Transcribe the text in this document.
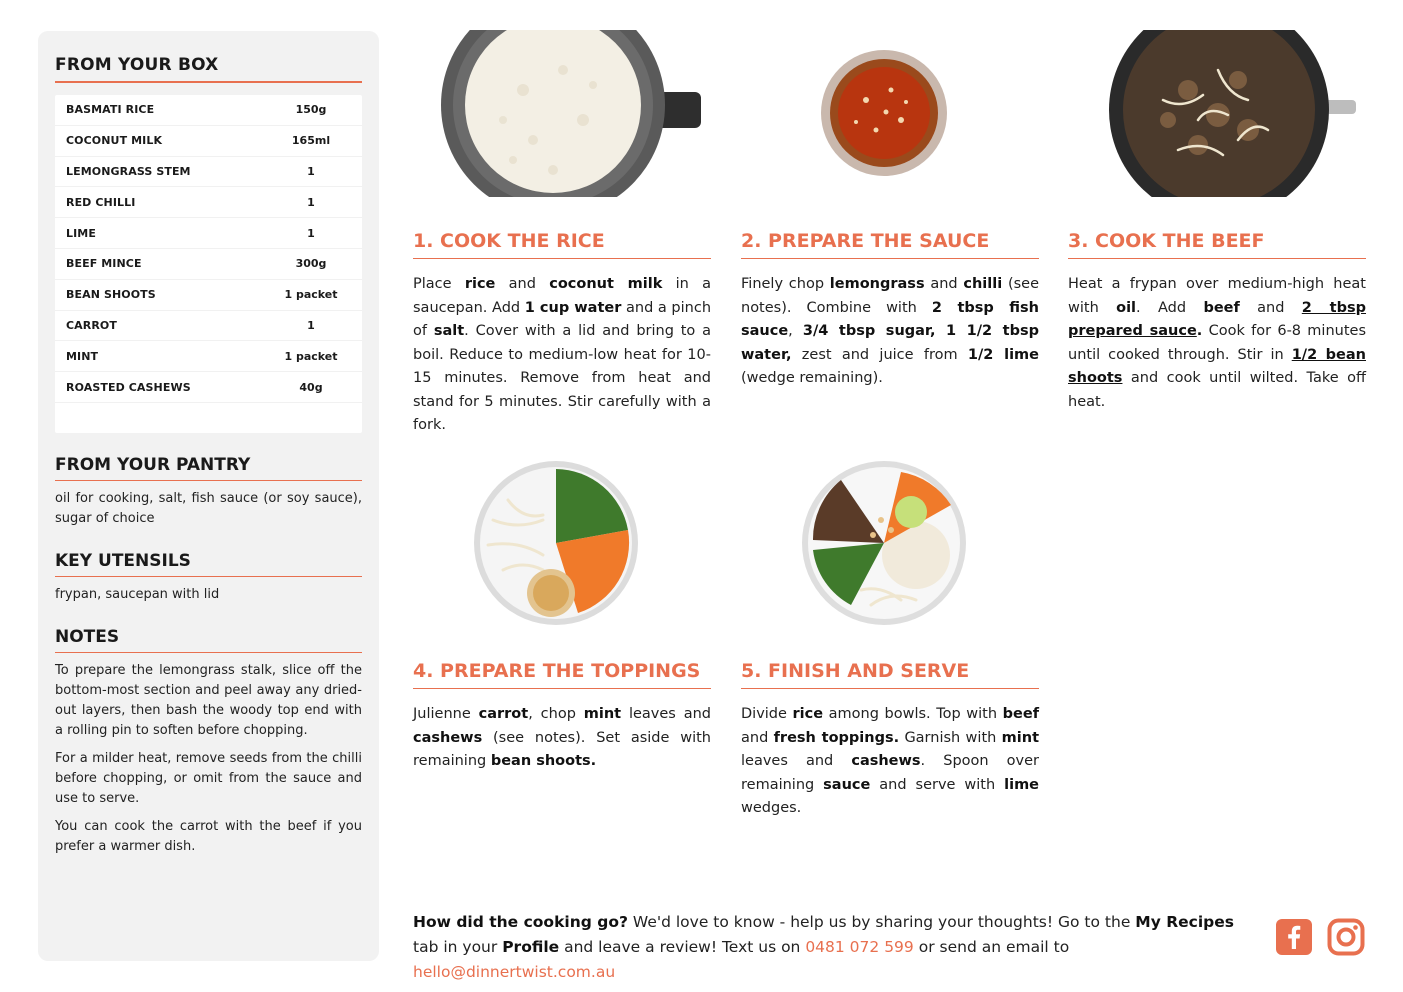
FROM YOUR BOX
BASMATI RICE	150g
COCONUT MILK	165ml
LEMONGRASS STEM	1
RED CHILLI	1
LIME	1
BEEF MINCE	300g
BEAN SHOOTS	1 packet
CARROT	1
MINT	1 packet
ROASTED CASHEWS	40g
FROM YOUR PANTRY
oil for cooking, salt, fish sauce (or soy sauce), sugar of choice
KEY UTENSILS
frypan, saucepan with lid
NOTES
To prepare the lemongrass stalk, slice off the bottom-most section and peel away any dried-out layers, then bash the woody top end with a rolling pin to soften before chopping.
For a milder heat, remove seeds from the chilli before chopping, or omit from the sauce and use to serve.
You can cook the carrot with the beef if you prefer a warmer dish.
1. COOK THE RICE
Place rice and coconut milk in a saucepan. Add 1 cup water and a pinch of salt. Cover with a lid and bring to a boil. Reduce to medium-low heat for 10-15 minutes. Remove from heat and stand for 5 minutes. Stir carefully with a fork.
2. PREPARE THE SAUCE
Finely chop lemongrass and chilli (see notes). Combine with 2 tbsp fish sauce, 3/4 tbsp sugar, 1 1/2 tbsp water, zest and juice from 1/2 lime (wedge remaining).
3. COOK THE BEEF
Heat a frypan over medium-high heat with oil. Add beef and 2 tbsp prepared sauce. Cook for 6-8 minutes until cooked through. Stir in 1/2 bean shoots and cook until wilted. Take off heat.
4. PREPARE THE TOPPINGS
Julienne carrot, chop mint leaves and cashews (see notes). Set aside with remaining bean shoots.
5. FINISH AND SERVE
Divide rice among bowls. Top with beef and fresh toppings. Garnish with mint leaves and cashews. Spoon over remaining sauce and serve with lime wedges.
How did the cooking go? We'd love to know - help us by sharing your thoughts! Go to the My Recipes tab in your Profile and leave a review! Text us on 0481 072 599 or send an email to hello@dinnertwist.com.au
